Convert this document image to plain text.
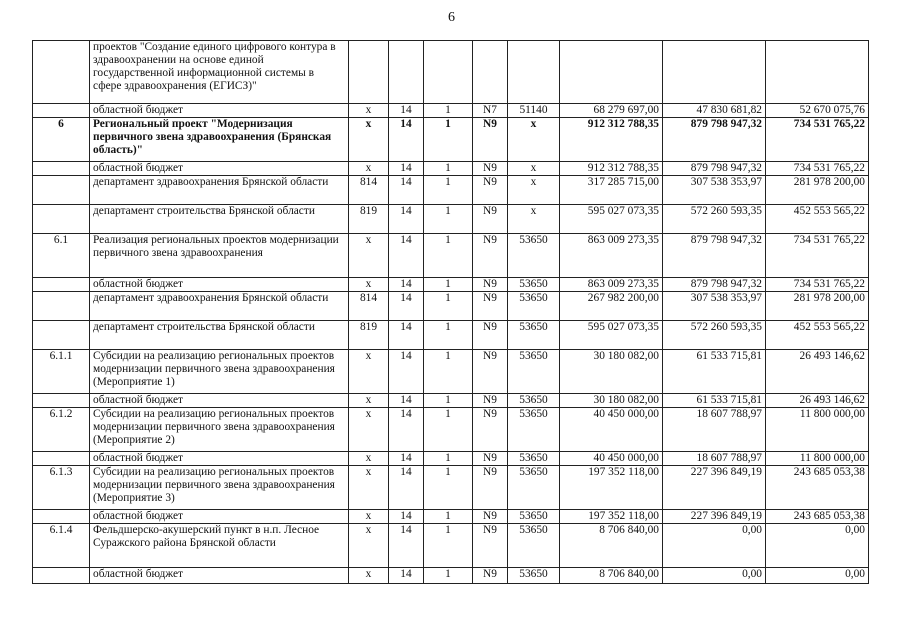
6
	проектов "Создание единого цифрового контура в здравоохранении на основе единой государственной информационной системы в сфере здравоохранения (ЕГИСЗ)"								
	областной бюджет	x	14	1	N7	51140	68 279 697,00	47 830 681,82	52 670 075,76
6	Региональный проект "Модернизация первичного звена здравоохранения (Брянская область)"	x	14	1	N9	x	912 312 788,35	879 798 947,32	734 531 765,22
	областной бюджет	x	14	1	N9	x	912 312 788,35	879 798 947,32	734 531 765,22
	департамент здравоохранения Брянской области	814	14	1	N9	x	317 285 715,00	307 538 353,97	281 978 200,00
	департамент строительства Брянской области	819	14	1	N9	x	595 027 073,35	572 260 593,35	452 553 565,22
6.1	Реализация региональных проектов модернизации первичного звена здравоохранения	x	14	1	N9	53650	863 009 273,35	879 798 947,32	734 531 765,22
	областной бюджет	x	14	1	N9	53650	863 009 273,35	879 798 947,32	734 531 765,22
	департамент здравоохранения Брянской области	814	14	1	N9	53650	267 982 200,00	307 538 353,97	281 978 200,00
	департамент строительства Брянской области	819	14	1	N9	53650	595 027 073,35	572 260 593,35	452 553 565,22
6.1.1	Субсидии на реализацию региональных проектов модернизации первичного звена здравоохранения (Мероприятие 1)	x	14	1	N9	53650	30 180 082,00	61 533 715,81	26 493 146,62
	областной бюджет	x	14	1	N9	53650	30 180 082,00	61 533 715,81	26 493 146,62
6.1.2	Субсидии на реализацию региональных проектов модернизации первичного звена здравоохранения (Мероприятие 2)	x	14	1	N9	53650	40 450 000,00	18 607 788,97	11 800 000,00
	областной бюджет	x	14	1	N9	53650	40 450 000,00	18 607 788,97	11 800 000,00
6.1.3	Субсидии на реализацию региональных проектов модернизации первичного звена здравоохранения (Мероприятие 3)	x	14	1	N9	53650	197 352 118,00	227 396 849,19	243 685 053,38
	областной бюджет	x	14	1	N9	53650	197 352 118,00	227 396 849,19	243 685 053,38
6.1.4	Фельдшерско-акушерский пункт в н.п. Лесное Суражского района Брянской области	x	14	1	N9	53650	8 706 840,00	0,00	0,00
	областной бюджет	x	14	1	N9	53650	8 706 840,00	0,00	0,00
